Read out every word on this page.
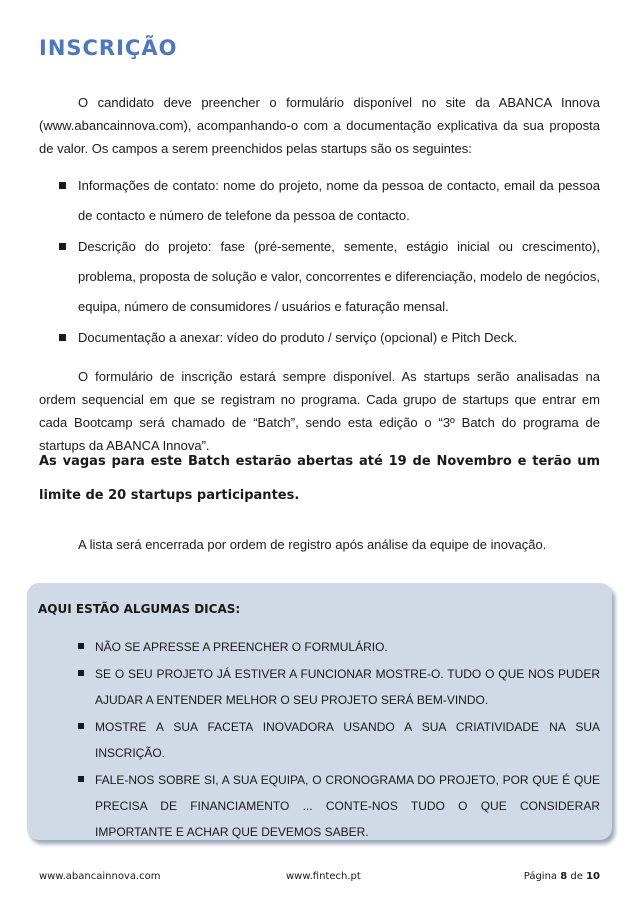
INSCRIÇÃO

O candidato deve preencher o formulário disponível no site da ABANCA Innova (www.abancainnova.com), acompanhando-o com a documentação explicativa da sua proposta de valor. Os campos a serem preenchidos pelas startups são os seguintes:

Informações de contato: nome do projeto, nome da pessoa de contacto, email da pessoa de contacto e número de telefone da pessoa de contacto.
Descrição do projeto: fase (pré-semente, semente, estágio inicial ou crescimento), problema, proposta de solução e valor, concorrentes e diferenciação, modelo de negócios, equipa, número de consumidores / usuários e faturação mensal.
Documentação a anexar: vídeo do produto / serviço (opcional) e Pitch Deck.

O formulário de inscrição estará sempre disponível. As startups serão analisadas na ordem sequencial em que se registram no programa. Cada grupo de startups que entrar em cada Bootcamp será chamado de “Batch”, sendo esta edição o “3º Batch do programa de startups da ABANCA Innova”.

As vagas para este Batch estarão abertas até 19 de Novembro e terão um limite de 20 startups participantes.

A lista será encerrada por ordem de registro após análise da equipe de inovação.

AQUI ESTÃO ALGUMAS DICAS:

NÃO SE APRESSE A PREENCHER O FORMULÁRIO.
SE O SEU PROJETO JÁ ESTIVER A FUNCIONAR MOSTRE-O. TUDO O QUE NOS PUDER AJUDAR A ENTENDER MELHOR O SEU PROJETO SERÁ BEM-VINDO.
MOSTRE A SUA FACETA INOVADORA USANDO A SUA CRIATIVIDADE NA SUA INSCRIÇÃO.
FALE-NOS SOBRE SI, A SUA EQUIPA, O CRONOGRAMA DO PROJETO, POR QUE É QUE PRECISA DE FINANCIAMENTO ... CONTE-NOS TUDO O QUE CONSIDERAR IMPORTANTE E ACHAR QUE DEVEMOS SABER.
www.abancainnova.com	www.fintech.pt	Página 8 de 10
